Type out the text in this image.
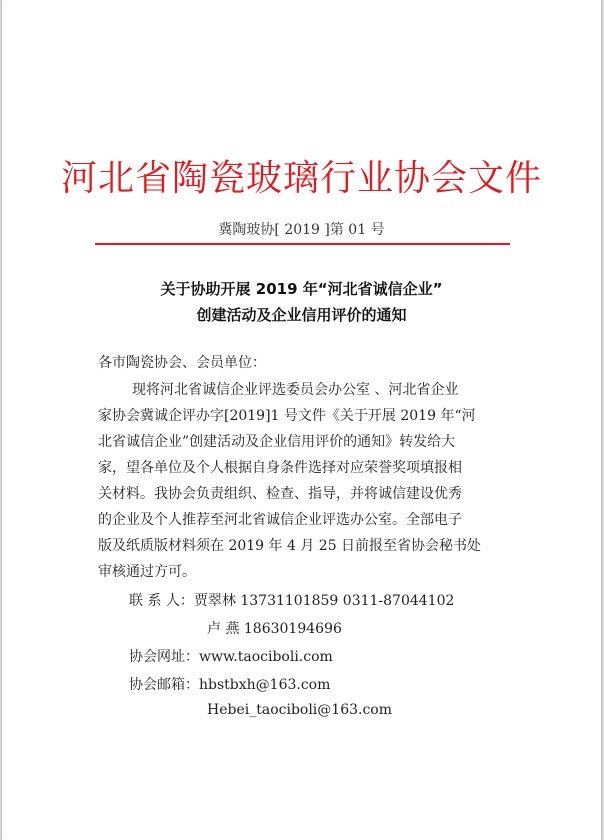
河北省陶瓷玻璃行业协会文件
冀陶玻协[ 2019 ]第 01 号
关于协助开展 2019 年“河北省诚信企业”
创建活动及企业信用评价的通知
各市陶瓷协会、会员单位：
现将河北省诚信企业评选委员会办公室 、河北省企业
家协会冀诚企评办字[2019]1 号文件《关于开展 2019 年“河
北省诚信企业”创建活动及企业信用评价的通知》转发给大
家，望各单位及个人根据自身条件选择对应荣誉奖项填报相
关材料。我协会负责组织、检查、指导，并将诚信建设优秀
的企业及个人推荐至河北省诚信企业评选办公室。全部电子
版及纸质版材料须在 2019 年 4 月 25 日前报至省协会秘书处
审核通过方可。
联 系 人：贾翠林 13731101859 0311-87044102
卢 燕 18630194696
协会网址：www.taociboli.com
协会邮箱：hbstbxh@163.com
Hebei_taociboli@163.com
